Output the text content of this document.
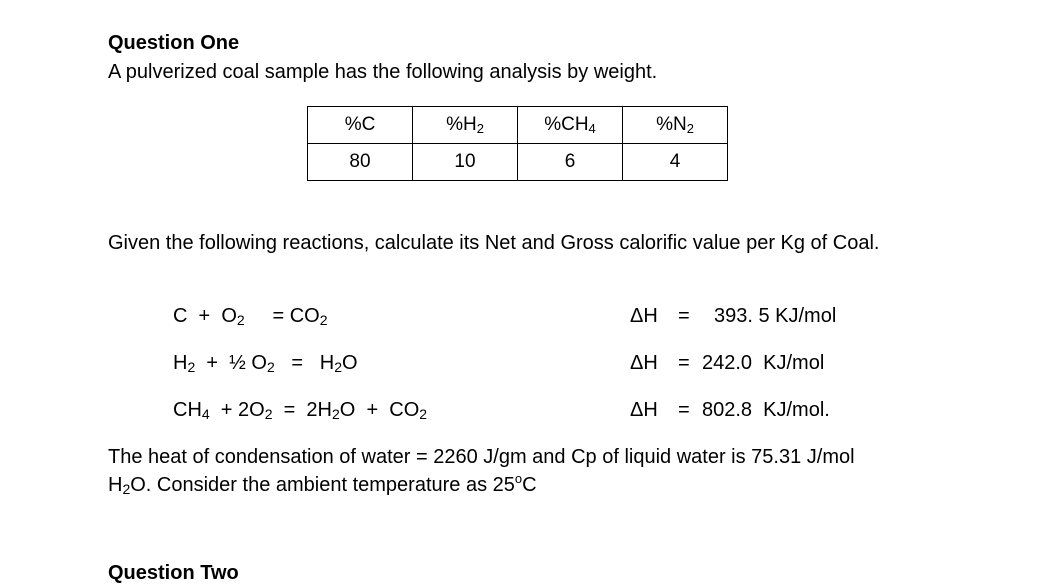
Question One
A pulverized coal sample has the following analysis by weight.
%C	$\%H_2$	$\%CH_4$	$\%N_2$
80	10	6	4
Given the following reactions, calculate its Net and Gross calorific value per Kg of Coal.
$C + O_2$     = $CO_2$	ΔH = 393. 5 KJ/mol
$H_2$  +  ½ $O_2 = H_2O$	ΔH = 242.0  KJ/mol
$CH_4 + 2O_2 = 2H_2O + CO_2$	ΔH = 802.8  KJ/mol.
The heat of condensation of water = 2260 J/gm and Cp of liquid water is 75.31 J/mol
$H_2O$. Consider the ambient temperature as 25$^o$C
Question Two
